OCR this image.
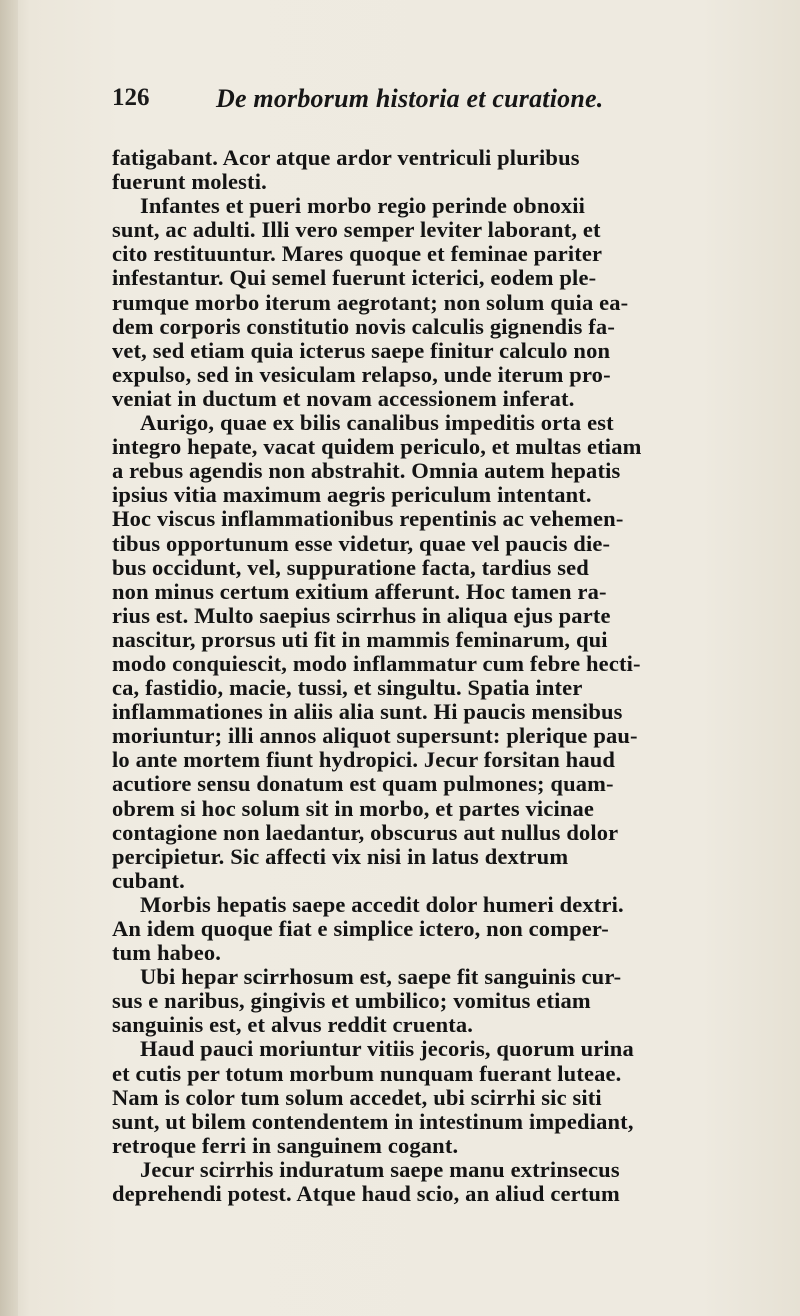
126	De morborum historia et curatione.
fatigabant. Acor atque ardor ventriculi pluribus
fuerunt molesti.
Infantes et pueri morbo regio perinde obnoxii
sunt, ac adulti. Illi vero semper leviter laborant, et
cito restituuntur. Mares quoque et feminae pariter
infestantur. Qui semel fuerunt icterici, eodem ple-
rumque morbo iterum aegrotant; non solum quia ea-
dem corporis constitutio novis calculis gignendis fa-
vet, sed etiam quia icterus saepe finitur calculo non
expulso, sed in vesiculam relapso, unde iterum pro-
veniat in ductum et novam accessionem inferat.
Aurigo, quae ex bilis canalibus impeditis orta est
integro hepate, vacat quidem periculo, et multas etiam
a rebus agendis non abstrahit. Omnia autem hepatis
ipsius vitia maximum aegris periculum intentant.
Hoc viscus inflammationibus repentinis ac vehemen-
tibus opportunum esse videtur, quae vel paucis die-
bus occidunt, vel, suppuratione facta, tardius sed
non minus certum exitium afferunt. Hoc tamen ra-
rius est. Multo saepius scirrhus in aliqua ejus parte
nascitur, prorsus uti fit in mammis feminarum, qui
modo conquiescit, modo inflammatur cum febre hecti-
ca, fastidio, macie, tussi, et singultu. Spatia inter
inflammationes in aliis alia sunt. Hi paucis mensibus
moriuntur; illi annos aliquot supersunt: plerique pau-
lo ante mortem fiunt hydropici. Jecur forsitan haud
acutiore sensu donatum est quam pulmones; quam-
obrem si hoc solum sit in morbo, et partes vicinae
contagione non laedantur, obscurus aut nullus dolor
percipietur. Sic affecti vix nisi in latus dextrum
cubant.
Morbis hepatis saepe accedit dolor humeri dextri.
An idem quoque fiat e simplice ictero, non comper-
tum habeo.
Ubi hepar scirrhosum est, saepe fit sanguinis cur-
sus e naribus, gingivis et umbilico; vomitus etiam
sanguinis est, et alvus reddit cruenta.
Haud pauci moriuntur vitiis jecoris, quorum urina
et cutis per totum morbum nunquam fuerant luteae.
Nam is color tum solum accedet, ubi scirrhi sic siti
sunt, ut bilem contendentem in intestinum impediant,
retroque ferri in sanguinem cogant.
Jecur scirrhis induratum saepe manu extrinsecus
deprehendi potest. Atque haud scio, an aliud certum
